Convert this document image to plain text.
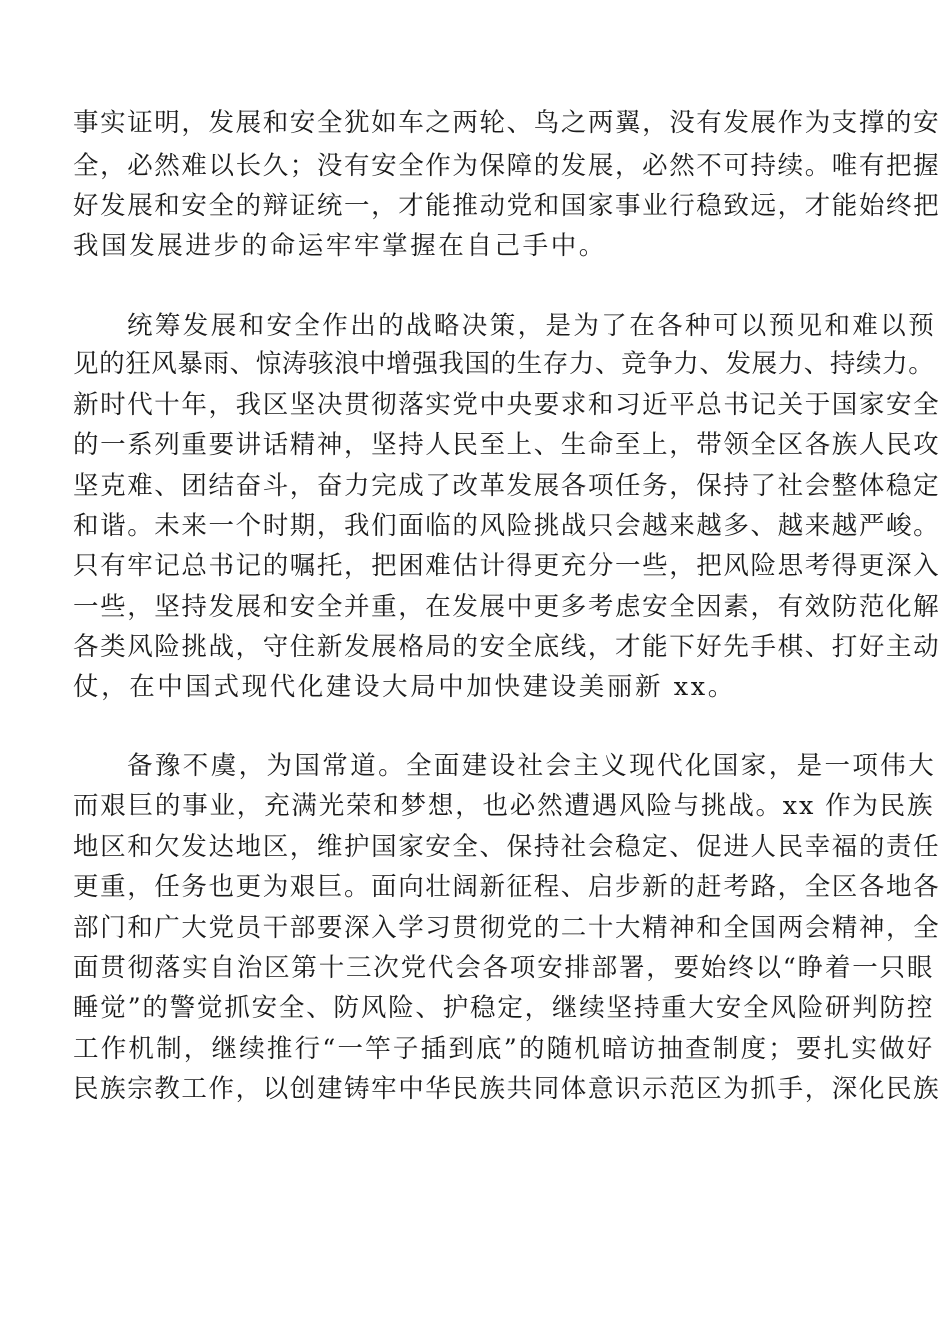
事实证明，发展和安全犹如车之两轮、鸟之两翼，没有发展作为支撑的安
全，必然难以长久；没有安全作为保障的发展，必然不可持续。唯有把握
好发展和安全的辩证统一，才能推动党和国家事业行稳致远，才能始终把
我国发展进步的命运牢牢掌握在自己手中。
统筹发展和安全作出的战略决策，是为了在各种可以预见和难以预
见的狂风暴雨、惊涛骇浪中增强我国的生存力、竞争力、发展力、持续力。
新时代十年，我区坚决贯彻落实党中央要求和习近平总书记关于国家安全
的一系列重要讲话精神，坚持人民至上、生命至上，带领全区各族人民攻
坚克难、团结奋斗，奋力完成了改革发展各项任务，保持了社会整体稳定
和谐。未来一个时期，我们面临的风险挑战只会越来越多、越来越严峻。
只有牢记总书记的嘱托，把困难估计得更充分一些，把风险思考得更深入
一些，坚持发展和安全并重，在发展中更多考虑安全因素，有效防范化解
各类风险挑战，守住新发展格局的安全底线，才能下好先手棋、打好主动
仗，在中国式现代化建设大局中加快建设美丽新 xx。
备豫不虞，为国常道。全面建设社会主义现代化国家，是一项伟大
而艰巨的事业，充满光荣和梦想，也必然遭遇风险与挑战。xx 作为民族
地区和欠发达地区，维护国家安全、保持社会稳定、促进人民幸福的责任
更重，任务也更为艰巨。面向壮阔新征程、启步新的赶考路，全区各地各
部门和广大党员干部要深入学习贯彻党的二十大精神和全国两会精神，全
面贯彻落实自治区第十三次党代会各项安排部署，要始终以“睁着一只眼
睡觉”的警觉抓安全、防风险、护稳定，继续坚持重大安全风险研判防控
工作机制，继续推行“一竿子插到底”的随机暗访抽查制度；要扎实做好
民族宗教工作，以创建铸牢中华民族共同体意识示范区为抓手，深化民族
